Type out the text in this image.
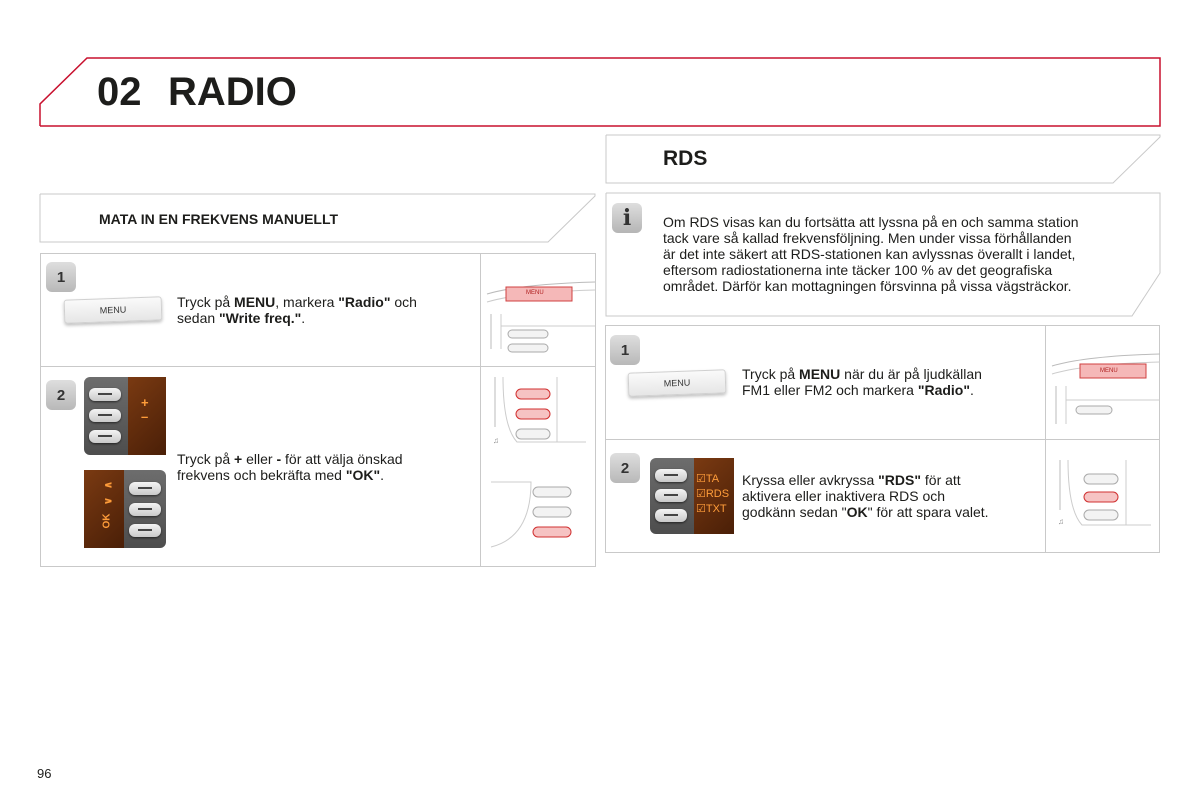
02 RADIO
MATA IN EN FREKVENS MANUELLT
1
MENU	Tryck på MENU, markera "Radio" och
sedan "Write freq.".
MENU
2	+
–
∧
∨
OK
Tryck på + eller - för att välja önskad
frekvens och bekräfta med "OK".
♫
RDS
i	Om RDS visas kan du fortsätta att lyssna på en och samma station
tack vare så kallad frekvensföljning. Men under vissa förhållanden
är det inte säkert att RDS-stationen kan avlyssnas överallt i landet,
eftersom radiostationerna inte täcker 100 % av det geografiska
området. Därför kan mottagningen försvinna på vissa vägsträckor.
1
MENU
Tryck på MENU när du är på ljudkällan
FM1 eller FM2 och markera "Radio".
MENU
2
☑TA
☑RDS
☑TXT
Kryssa eller avkryssa "RDS" för att
aktivera eller inaktivera RDS och
godkänn sedan "OK" för att spara valet.
♫
96
